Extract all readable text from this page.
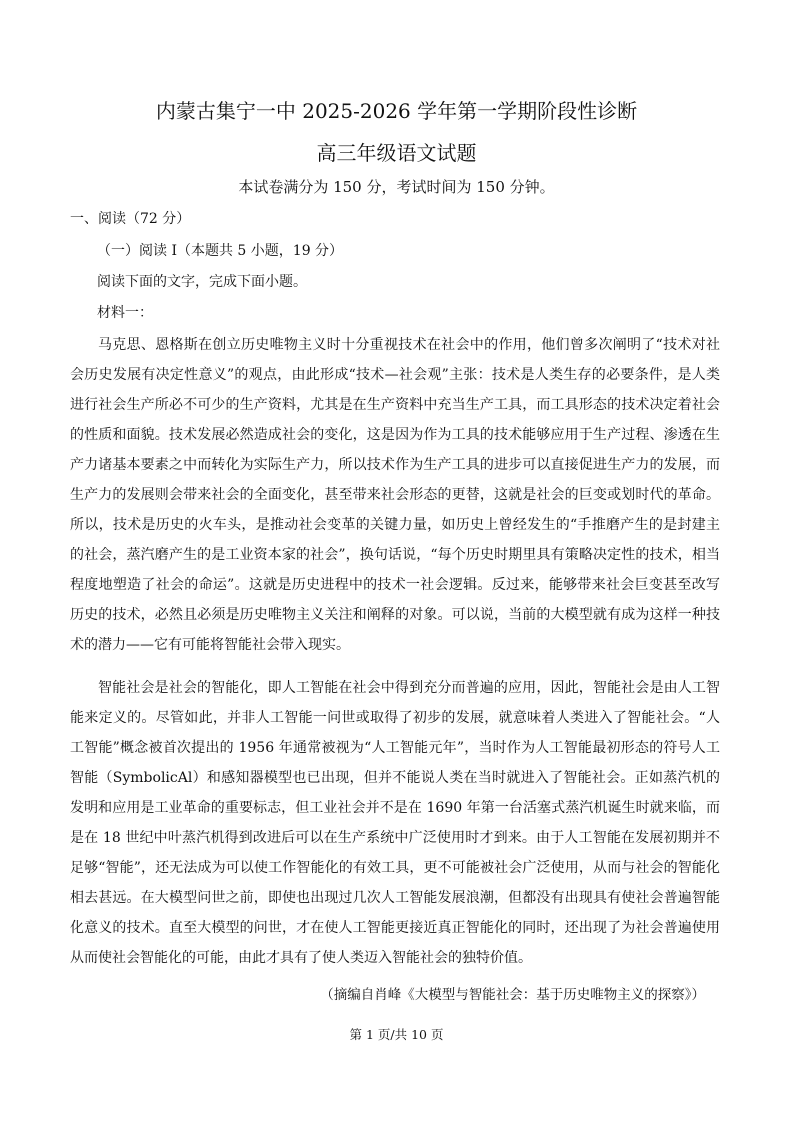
内蒙古集宁一中 2025-2026 学年第一学期阶段性诊断
高三年级语文试题
本试卷满分为 150 分，考试时间为 150 分钟。
一、阅读（72 分）
（一）阅读 I（本题共 5 小题，19 分）
阅读下面的文字，完成下面小题。
材料一：

马克思、恩格斯在创立历史唯物主义时十分重视技术在社会中的作用，他们曾多次阐明了“技术对社会历史发展有决定性意义”的观点，由此形成“技术—社会观”主张：技术是人类生存的必要条件，是人类进行社会生产所必不可少的生产资料，尤其是在生产资料中充当生产工具，而工具形态的技术决定着社会的性质和面貌。技术发展必然造成社会的变化，这是因为作为工具的技术能够应用于生产过程、渗透在生产力诸基本要素之中而转化为实际生产力，所以技术作为生产工具的进步可以直接促进生产力的发展，而生产力的发展则会带来社会的全面变化，甚至带来社会形态的更替，这就是社会的巨变或划时代的革命。所以，技术是历史的火车头，是推动社会变革的关键力量，如历史上曾经发生的“手推磨产生的是封建主的社会，蒸汽磨产生的是工业资本家的社会”，换句话说，“每个历史时期里具有策略决定性的技术，相当程度地塑造了社会的命运”。这就是历史进程中的技术一社会逻辑。反过来，能够带来社会巨变甚至改写历史的技术，必然且必须是历史唯物主义关注和阐释的对象。可以说，当前的大模型就有成为这样一种技术的潜力——它有可能将智能社会带入现实。

智能社会是社会的智能化，即人工智能在社会中得到充分而普遍的应用，因此，智能社会是由人工智能来定义的。尽管如此，并非人工智能一问世或取得了初步的发展，就意味着人类进入了智能社会。“人工智能”概念被首次提出的 1956 年通常被视为“人工智能元年”，当时作为人工智能最初形态的符号人工智能（SymbolicAl）和感知器模型也已出现，但并不能说人类在当时就进入了智能社会。正如蒸汽机的发明和应用是工业革命的重要标志，但工业社会并不是在 1690 年第一台活塞式蒸汽机诞生时就来临，而是在 18 世纪中叶蒸汽机得到改进后可以在生产系统中广泛使用时才到来。由于人工智能在发展初期并不足够“智能”，还无法成为可以使工作智能化的有效工具，更不可能被社会广泛使用，从而与社会的智能化相去甚远。在大模型问世之前，即使也出现过几次人工智能发展浪潮，但都没有出现具有使社会普遍智能化意义的技术。直至大模型的问世，才在使人工智能更接近真正智能化的同时，还出现了为社会普遍使用从而使社会智能化的可能，由此才具有了使人类迈入智能社会的独特价值。

（摘编自肖峰《大模型与智能社会：基于历史唯物主义的探察》）
第 1 页/共 10 页
